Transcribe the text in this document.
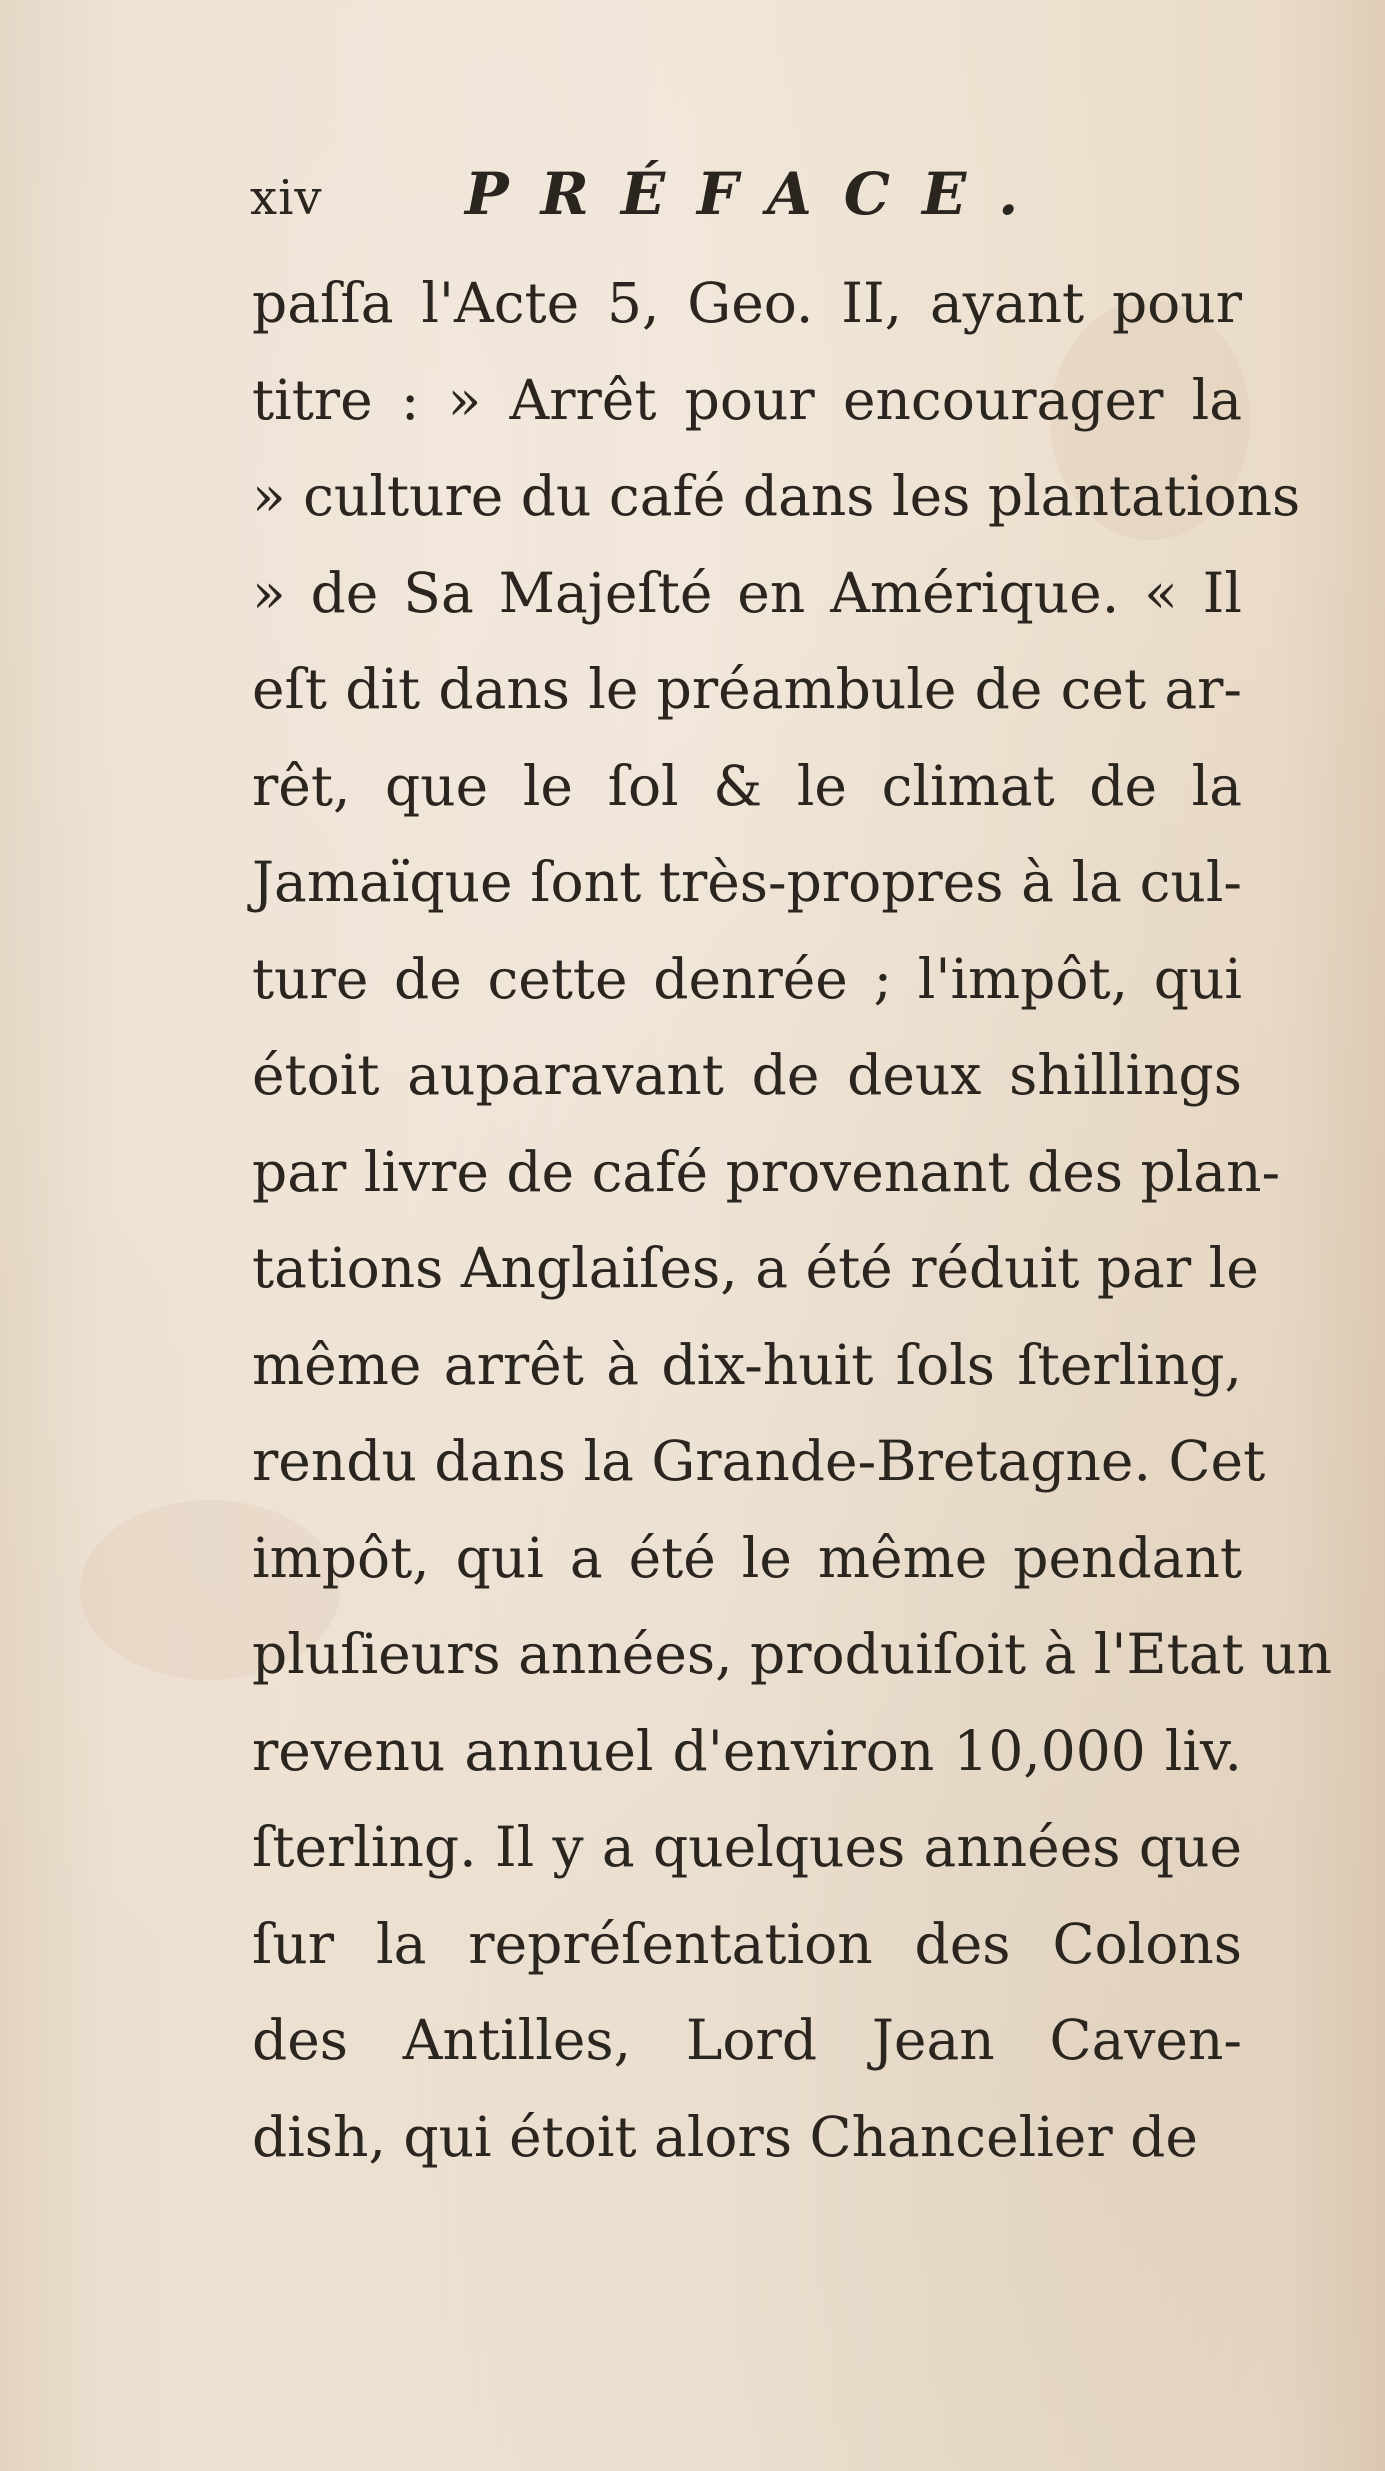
xiv PRÉFACE.
paſſa l'Acte 5, Geo. II, ayant pour
titre : » Arrêt pour encourager la
» culture du café dans les plantations
» de Sa Majeſté en Amérique. « Il
eſt dit dans le préambule de cet ar-
rêt, que le ſol & le climat de la
Jamaïque ſont très-propres à la cul-
ture de cette denrée ; l'impôt, qui
étoit auparavant de deux shillings
par livre de café provenant des plan-
tations Anglaiſes, a été réduit par le
même arrêt à dix-huit ſols ſterling,
rendu dans la Grande-Bretagne. Cet
impôt, qui a été le même pendant
pluſieurs années, produiſoit à l'Etat un
revenu annuel d'environ 10,000 liv.
ſterling. Il y a quelques années que
ſur la repréſentation des Colons
des Antilles, Lord Jean Caven-
dish, qui étoit alors Chancelier de
